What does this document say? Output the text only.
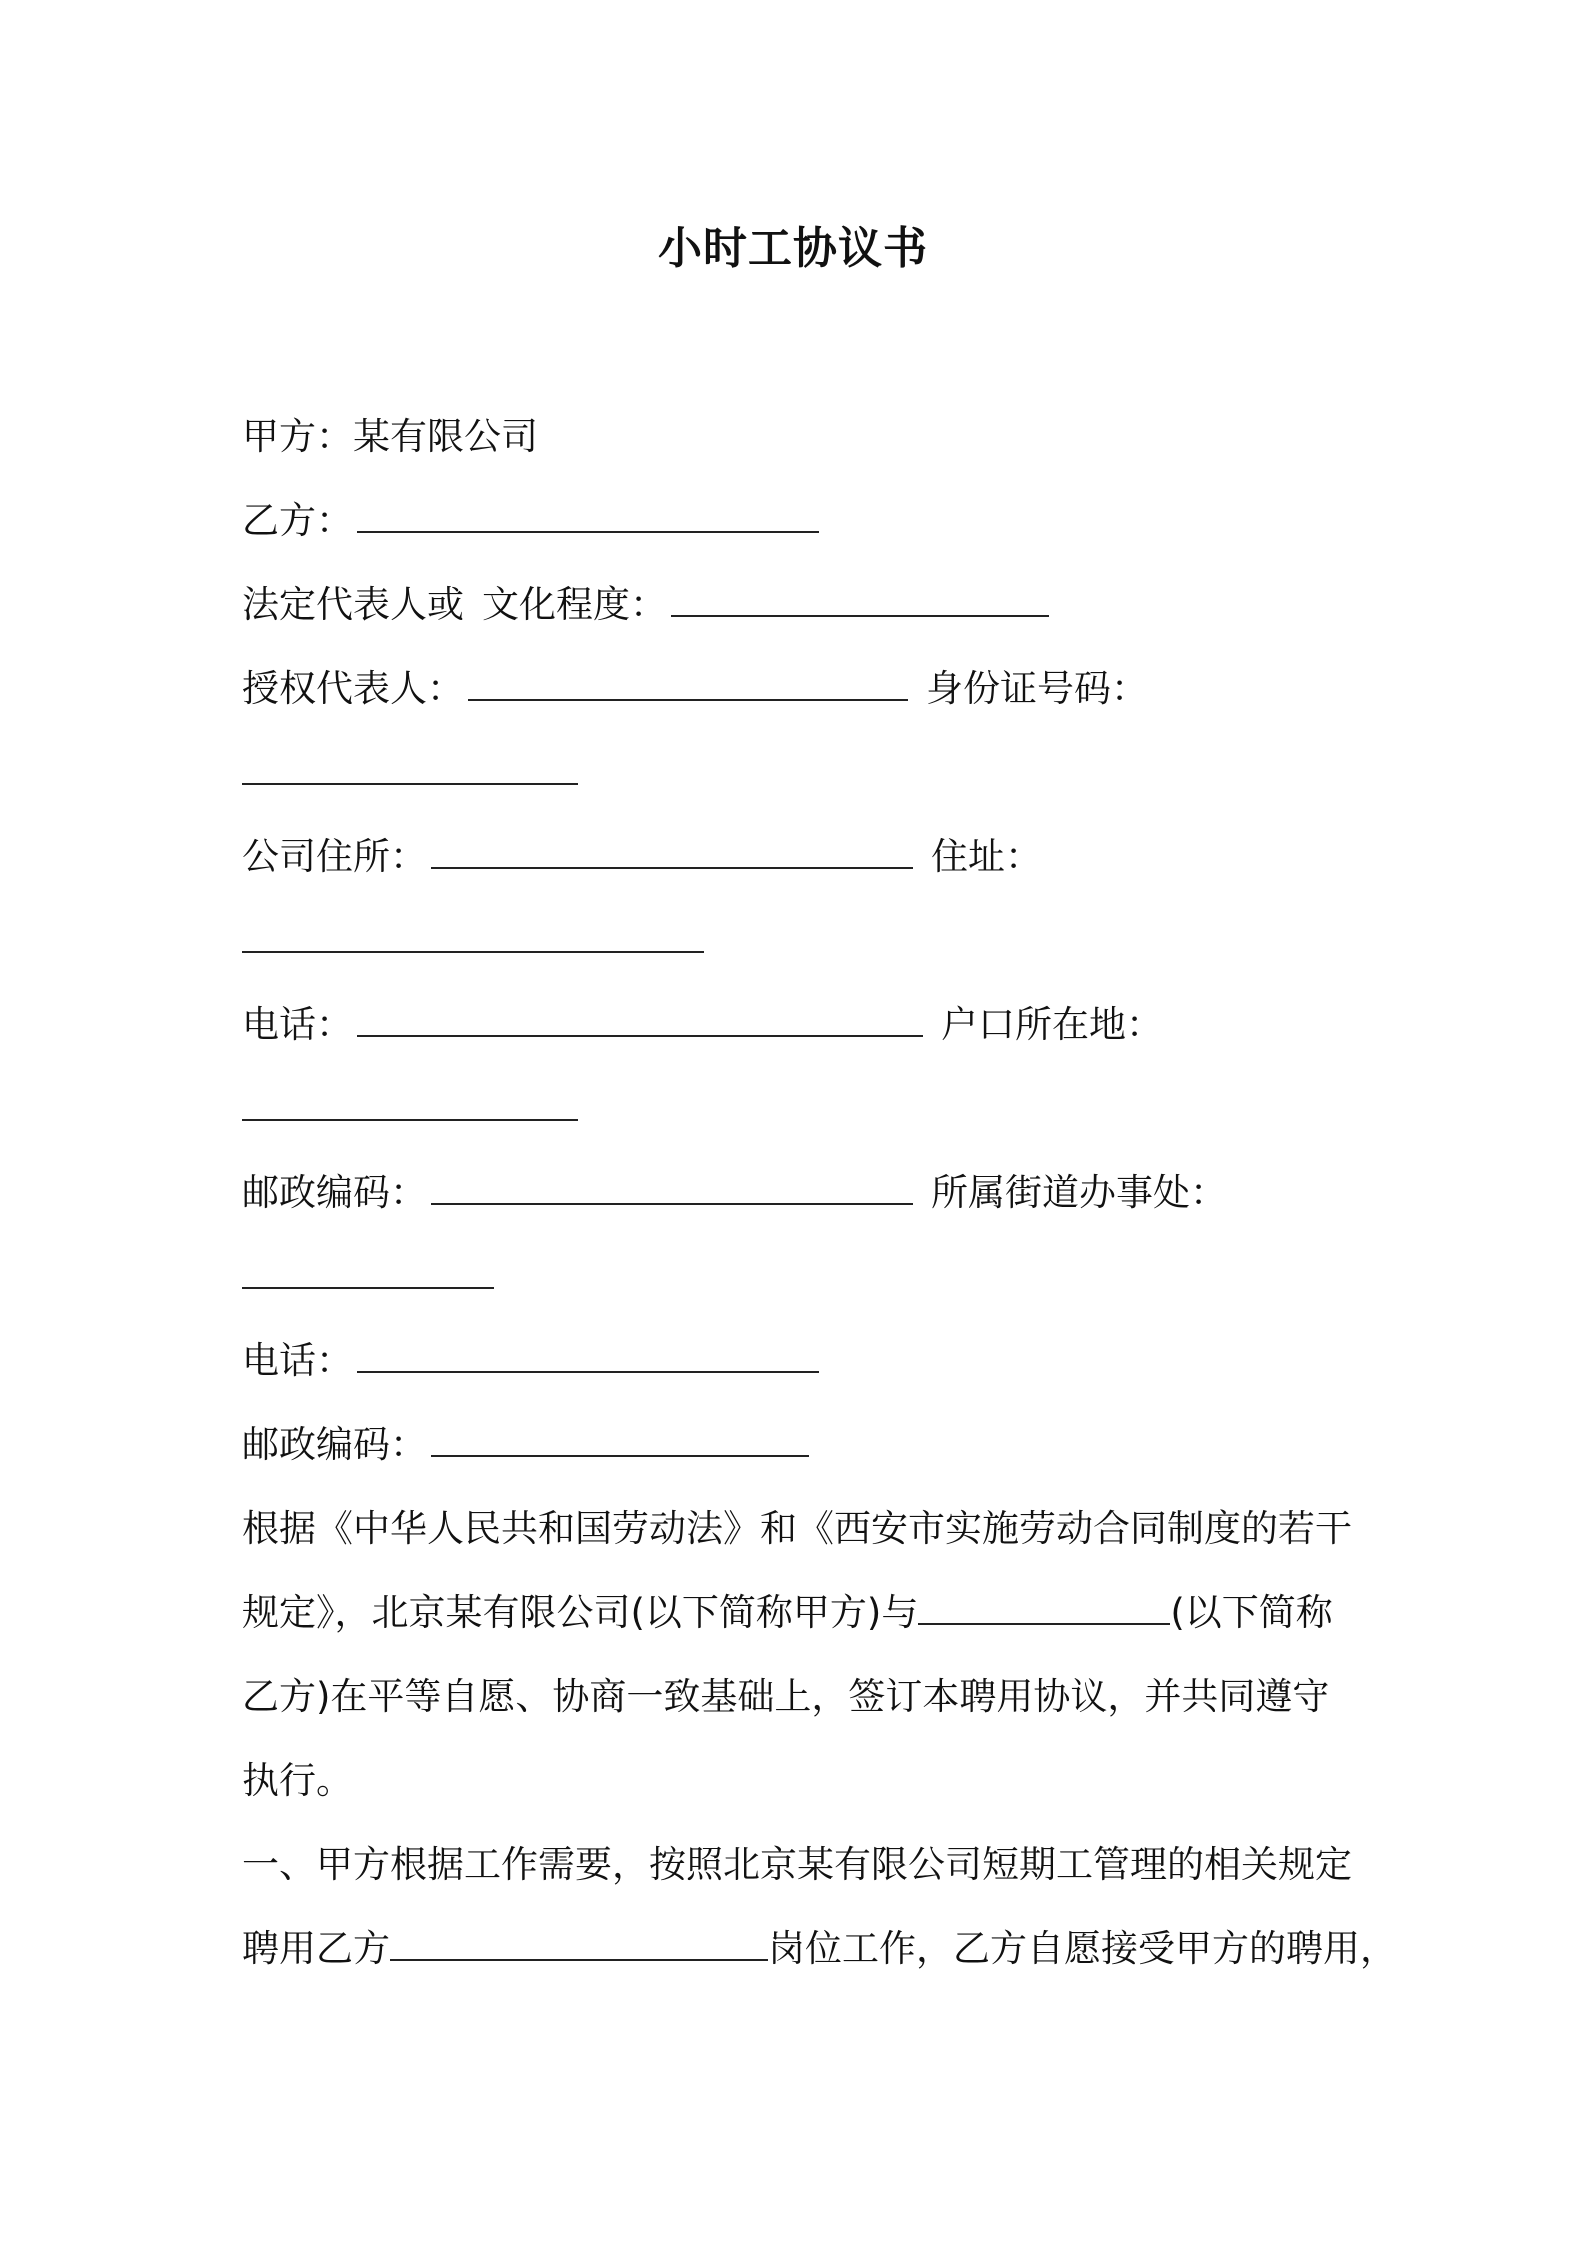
小时工协议书
甲方：某有限公司
乙方：
法定代表人或 文化程度：
授权代表人：	身份证号码：
公司住所：	住址：
电话：	户口所在地：
邮政编码：	所属街道办事处：
电话：
邮政编码：
根据《中华人民共和国劳动法》和《西安市实施劳动合同制度的若干
规定》，北京某有限公司(以下简称甲方)与	(以下简称
乙方)在平等自愿、协商一致基础上，签订本聘用协议，并共同遵守
执行。
一、甲方根据工作需要，按照北京某有限公司短期工管理的相关规定
聘用乙方	岗位工作，乙方自愿接受甲方的聘用，
